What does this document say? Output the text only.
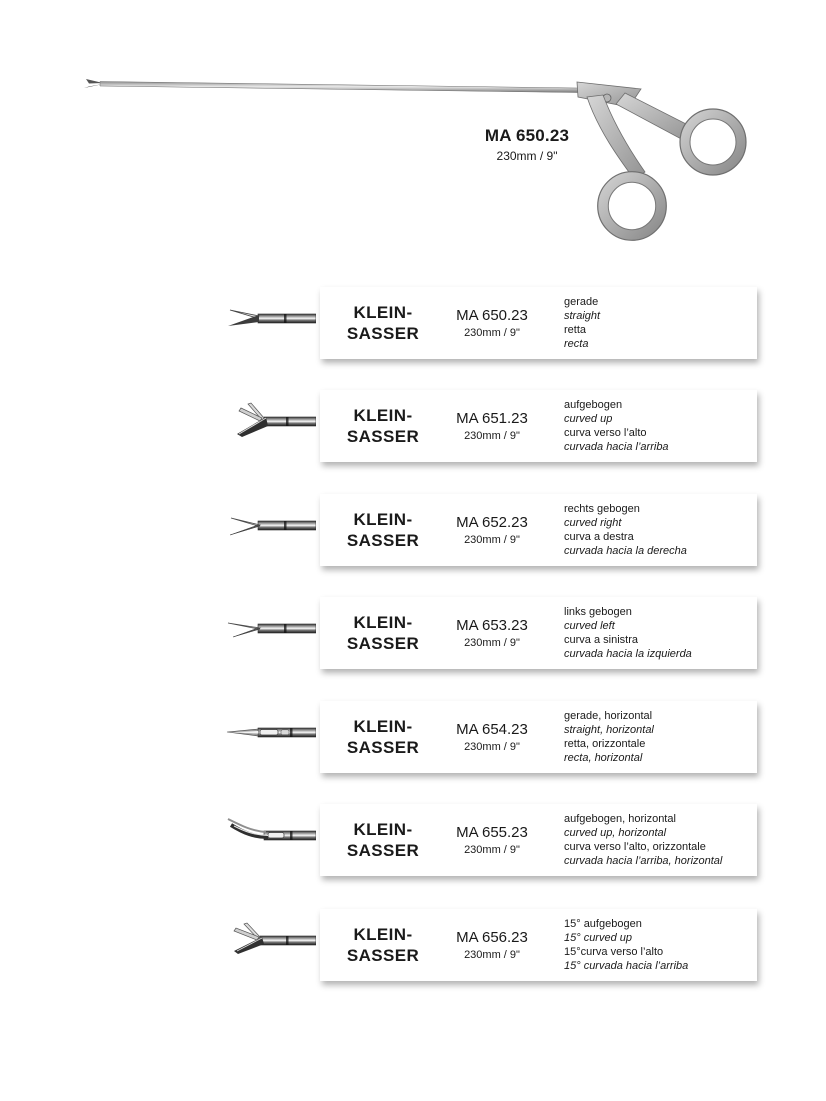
MA 650.23
230mm / 9"
KLEIN-
SASSER
MA 650.23
230mm / 9"
gerade
straight
retta
recta
KLEIN-
SASSER
MA 651.23
230mm / 9"
aufgebogen
curved up
curva verso l’alto
curvada hacia l’arriba
KLEIN-
SASSER
MA 652.23
230mm / 9"
rechts gebogen
curved right
curva a destra
curvada hacia la derecha
KLEIN-
SASSER
MA 653.23
230mm / 9"
links gebogen
curved left
curva a sinistra
curvada hacia la izquierda
KLEIN-
SASSER
MA 654.23
230mm / 9"
gerade, horizontal
straight, horizontal
retta, orizzontale
recta, horizontal
KLEIN-
SASSER
MA 655.23
230mm / 9"
aufgebogen, horizontal
curved up, horizontal
curva verso l’alto, orizzontale
curvada hacia l’arriba, horizontal
KLEIN-
SASSER
MA 656.23
230mm / 9"
15° aufgebogen
15° curved up
15°curva verso l’alto
15° curvada hacia l’arriba
